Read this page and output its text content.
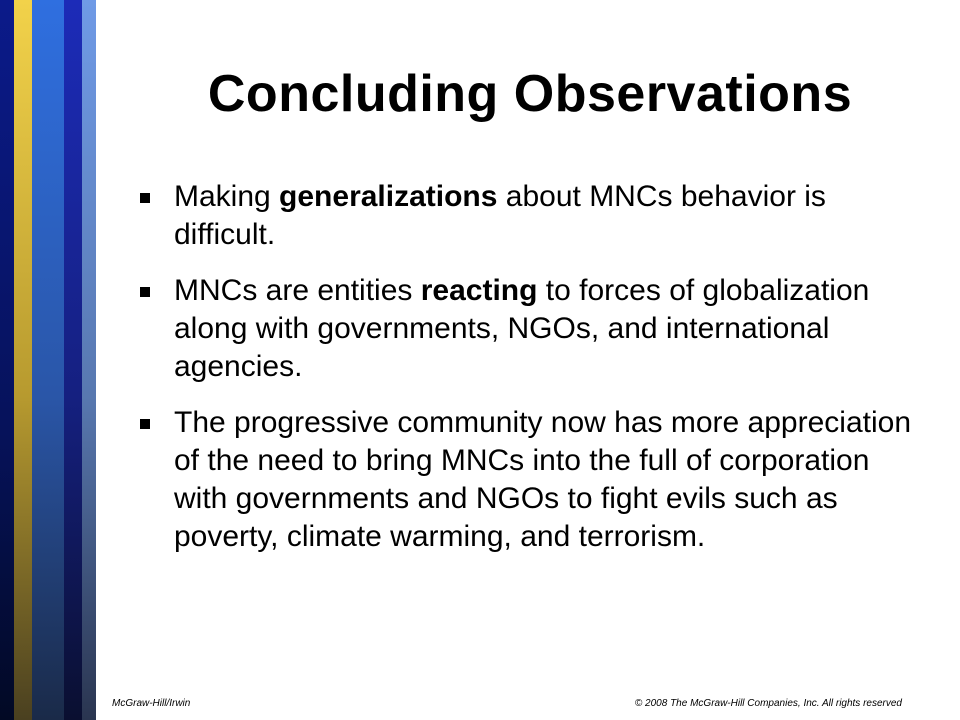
Concluding Observations
Making generalizations about MNCs behavior is difficult.
MNCs are entities reacting to forces of globalization along with governments, NGOs, and international agencies.
The progressive community now has more appreciation of the need to bring MNCs into the full of corporation with governments and NGOs to fight evils such as poverty, climate warming, and terrorism.
McGraw-Hill/Irwin	© 2008 The McGraw-Hill Companies, Inc. All rights reserved
